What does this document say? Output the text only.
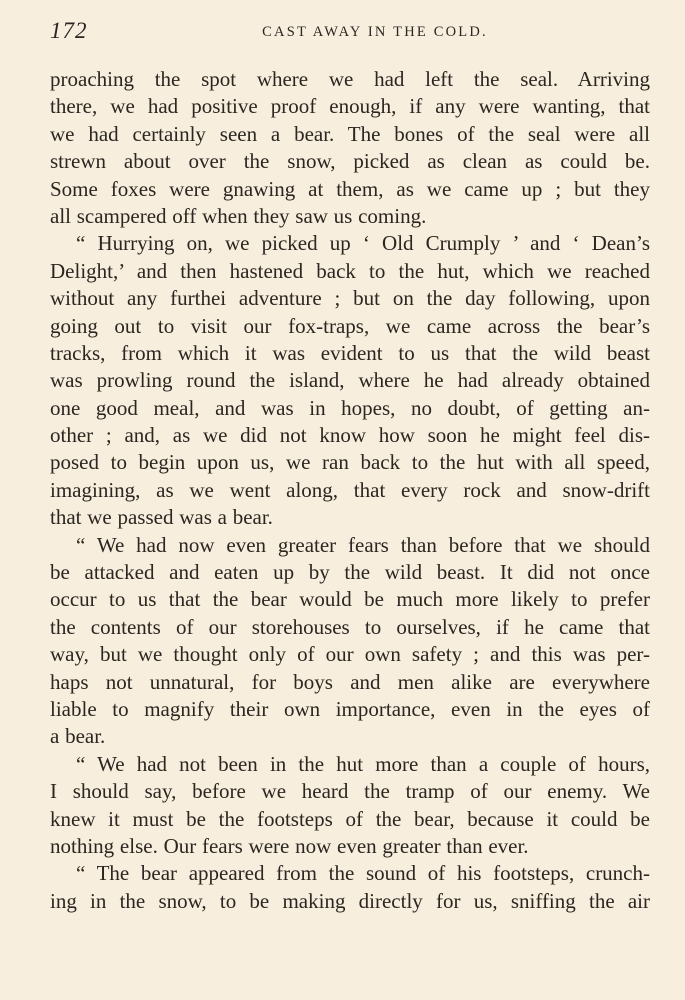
172	CAST AWAY IN THE COLD.
proaching the spot where we had left the seal. Arriving
there, we had positive proof enough, if any were wanting, that
we had certainly seen a bear. The bones of the seal were all
strewn about over the snow, picked as clean as could be.
Some foxes were gnawing at them, as we came up ; but they
all scampered off when they saw us coming.
“ Hurrying on, we picked up ‘ Old Crumply ’ and ‘ Dean’s
Delight,’ and then hastened back to the hut, which we reached
without any furthei adventure ; but on the day following, upon
going out to visit our fox-traps, we came across the bear’s
tracks, from which it was evident to us that the wild beast
was prowling round the island, where he had already obtained
one good meal, and was in hopes, no doubt, of getting an-
other ; and, as we did not know how soon he might feel dis-
posed to begin upon us, we ran back to the hut with all speed,
imagining, as we went along, that every rock and snow-drift
that we passed was a bear.
“ We had now even greater fears than before that we should
be attacked and eaten up by the wild beast. It did not once
occur to us that the bear would be much more likely to prefer
the contents of our storehouses to ourselves, if he came that
way, but we thought only of our own safety ; and this was per-
haps not unnatural, for boys and men alike are everywhere
liable to magnify their own importance, even in the eyes of
a bear.
“ We had not been in the hut more than a couple of hours,
I should say, before we heard the tramp of our enemy. We
knew it must be the footsteps of the bear, because it could be
nothing else. Our fears were now even greater than ever.
“ The bear appeared from the sound of his footsteps, crunch-
ing in the snow, to be making directly for us, sniffing the air
